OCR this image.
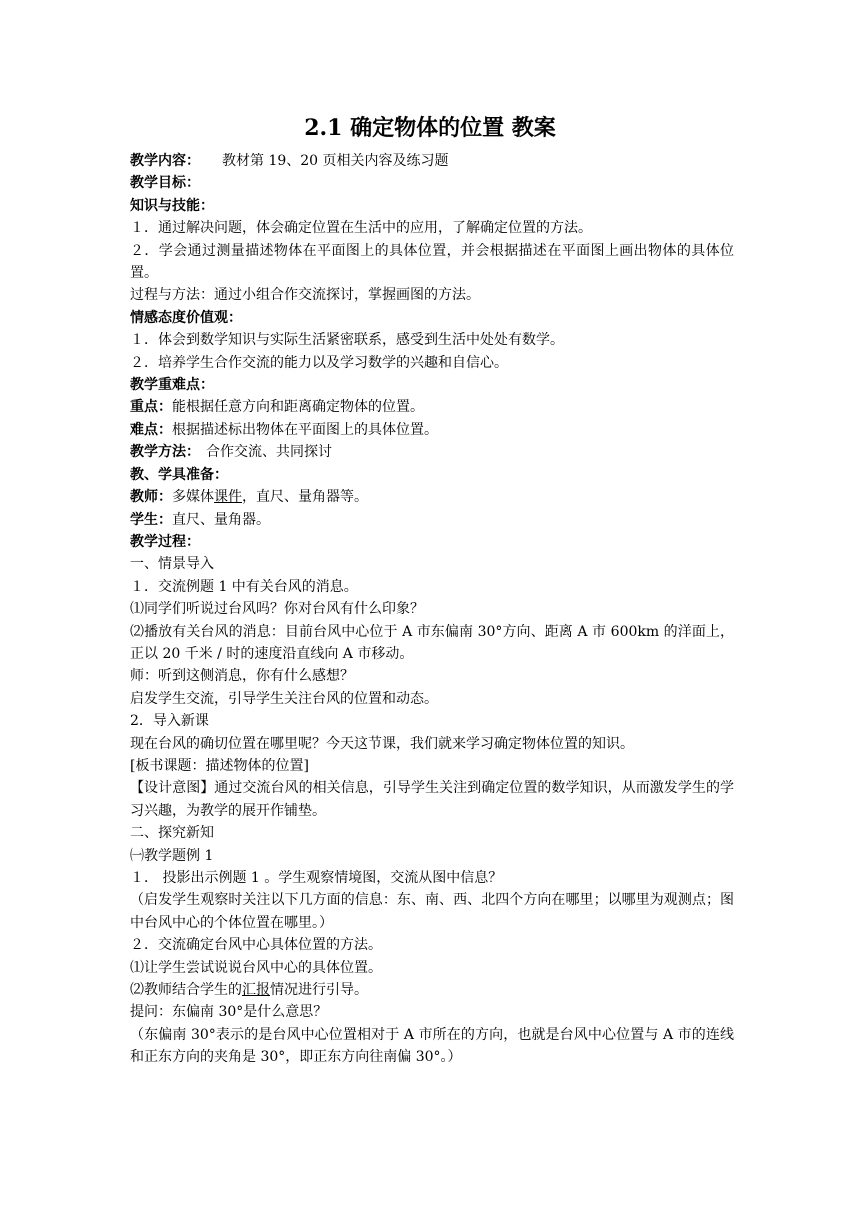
2.1 确定物体的位置 教案

教学内容： 教材第 19、20 页相关内容及练习题

教学目标：

知识与技能：

１．通过解决问题，体会确定位置在生活中的应用，了解确定位置的方法。

２．学会通过测量描述物体在平面图上的具体位置，并会根据描述在平面图上画出物体的具体位置。

过程与方法：通过小组合作交流探讨，掌握画图的方法。

情感态度价值观：

１．体会到数学知识与实际生活紧密联系，感受到生活中处处有数学。

２．培养学生合作交流的能力以及学习数学的兴趣和自信心。

教学重难点：

重点：能根据任意方向和距离确定物体的位置。

难点：根据描述标出物体在平面图上的具体位置。

教学方法： 合作交流、共同探讨

教、学具准备：

教师：多媒体课件，直尺、量角器等。

学生：直尺、量角器。

教学过程：

一、情景导入

１．交流例题 1 中有关台风的消息。

⑴同学们听说过台风吗？你对台风有什么印象？

⑵播放有关台风的消息：目前台风中心位于 A 市东偏南 30°方向、距离 A 市 600km 的洋面上，正以 20 千米 / 时的速度沿直线向 A 市移动。

师：听到这侧消息，你有什么感想？

启发学生交流，引导学生关注台风的位置和动态。

2．导入新课

现在台风的确切位置在哪里呢？今天这节课，我们就来学习确定物体位置的知识。

[板书课题：描述物体的位置]

【设计意图】通过交流台风的相关信息，引导学生关注到确定位置的数学知识，从而激发学生的学习兴趣，为教学的展开作铺垫。

二、探究新知

㈠教学题例 1

１． 投影出示例题 1 。学生观察情境图，交流从图中信息？

（启发学生观察时关注以下几方面的信息：东、南、西、北四个方向在哪里；以哪里为观测点；图中台风中心的个体位置在哪里。）

２．交流确定台风中心具体位置的方法。

⑴让学生尝试说说台风中心的具体位置。

⑵教师结合学生的汇报情况进行引导。

提问：东偏南 30°是什么意思？

（东偏南 30°表示的是台风中心位置相对于 A 市所在的方向，也就是台风中心位置与 A 市的连线和正东方向的夹角是 30°，即正东方向往南偏 30°。）
